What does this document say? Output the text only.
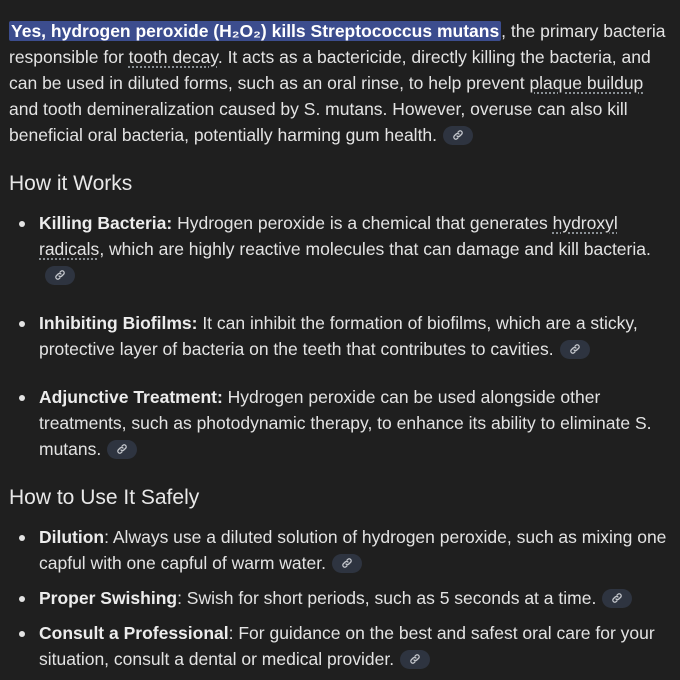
Yes, hydrogen peroxide (H₂O₂) kills Streptococcus mutans , the primary bacteria responsible for tooth decay. It acts as a bactericide, directly killing the bacteria, and can be used in diluted forms, such as an oral rinse, to help prevent plaque buildup and tooth demineralization caused by S. mutans. However, overuse can also kill beneficial oral bacteria, potentially harming gum health.

How it Works
Killing Bacteria: Hydrogen peroxide is a chemical that generates hydroxyl radicals, which are highly reactive molecules that can damage and kill bacteria.
Inhibiting Biofilms: It can inhibit the formation of biofilms, which are a sticky, protective layer of bacteria on the teeth that contributes to cavities.
Adjunctive Treatment: Hydrogen peroxide can be used alongside other treatments, such as photodynamic therapy, to enhance its ability to eliminate S. mutans.
How to Use It Safely
Dilution: Always use a diluted solution of hydrogen peroxide, such as mixing one capful with one capful of warm water.
Proper Swishing: Swish for short periods, such as 5 seconds at a time.
Consult a Professional: For guidance on the best and safest oral care for your situation, consult a dental or medical provider.
